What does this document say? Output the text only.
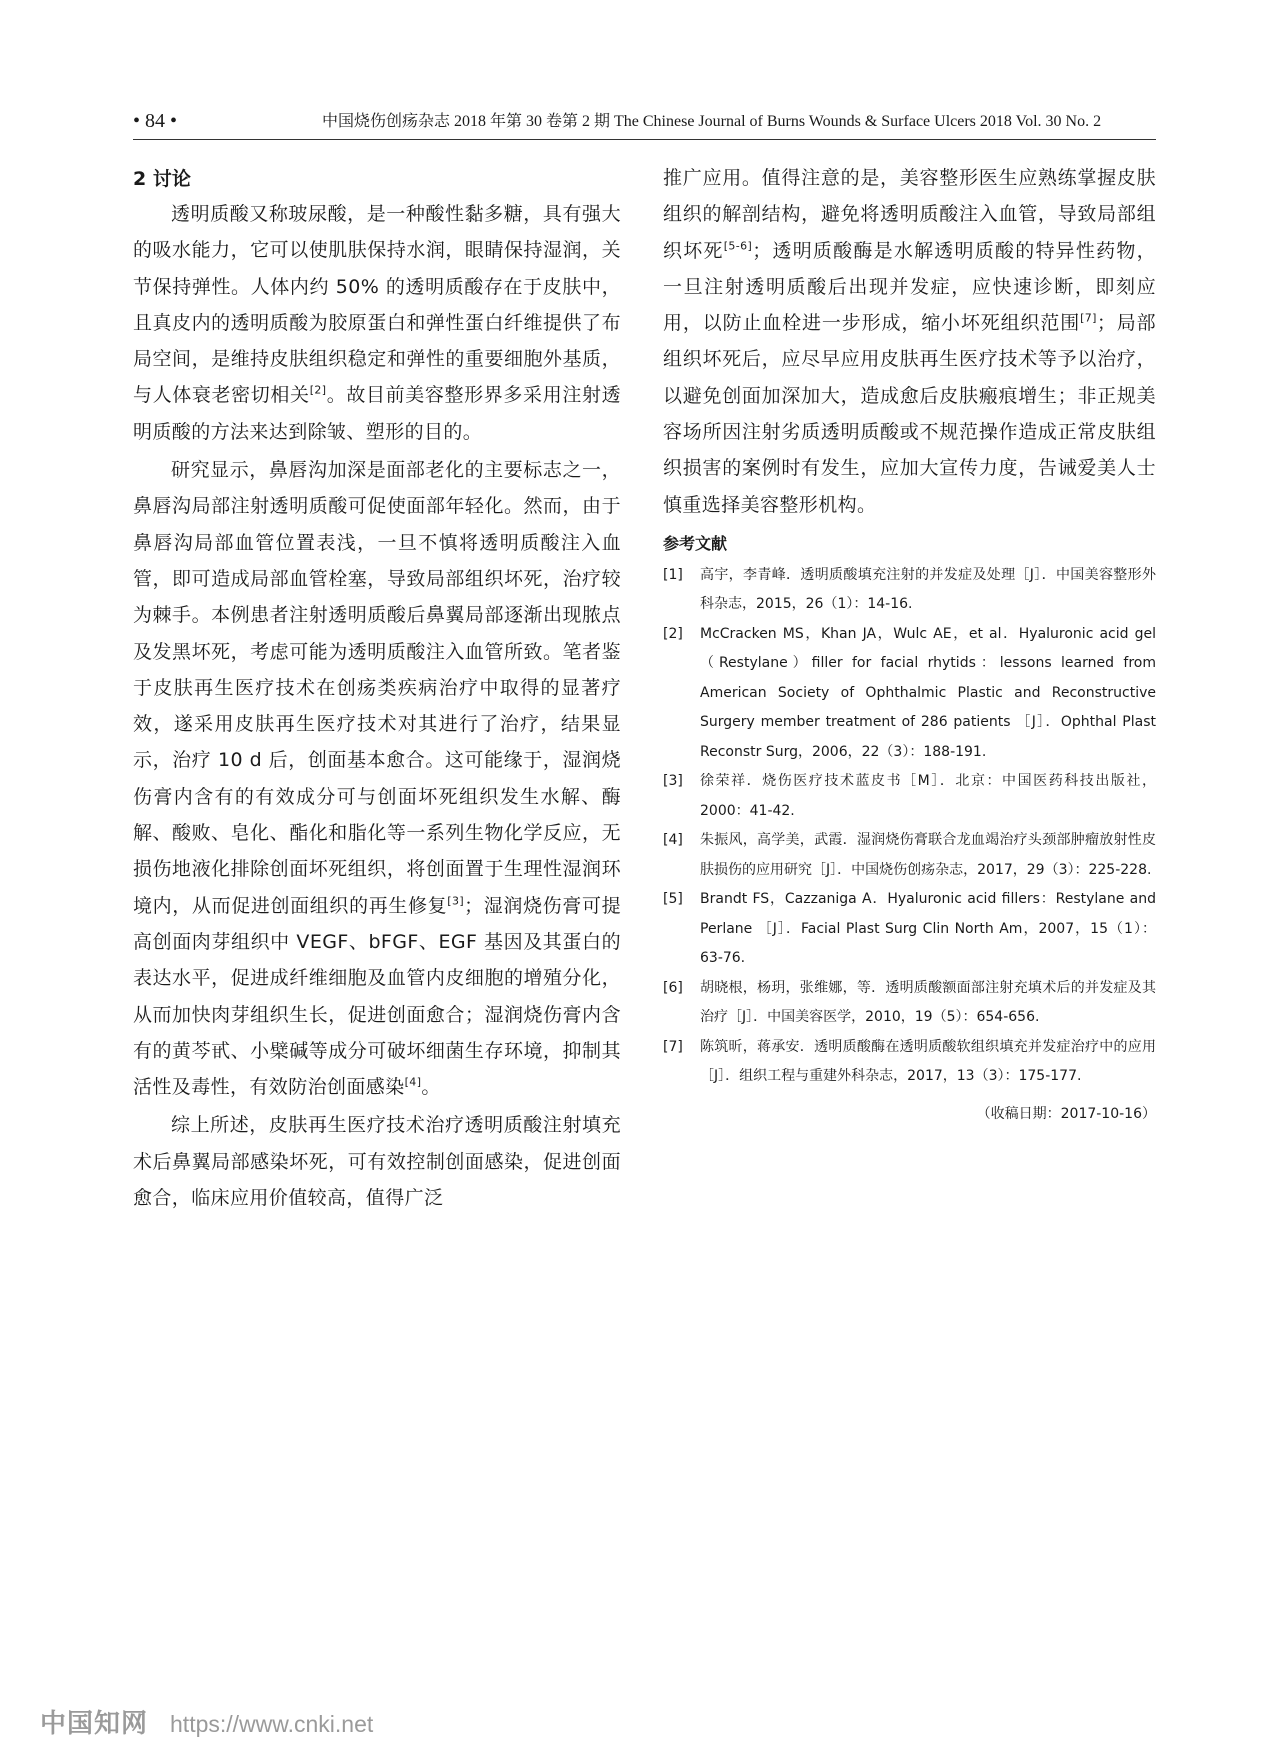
• 84 •	中国烧伤创疡杂志 2018 年第 30 卷第 2 期 The Chinese Journal of Burns Wounds & Surface Ulcers 2018 Vol. 30 No. 2

2 讨论

透明质酸又称玻尿酸，是一种酸性黏多糖，具有强大的吸水能力，它可以使肌肤保持水润，眼睛保持湿润，关节保持弹性。人体内约 50% 的透明质酸存在于皮肤中，且真皮内的透明质酸为胶原蛋白和弹性蛋白纤维提供了布局空间，是维持皮肤组织稳定和弹性的重要细胞外基质，与人体衰老密切相关[2]。故目前美容整形界多采用注射透明质酸的方法来达到除皱、塑形的目的。

研究显示，鼻唇沟加深是面部老化的主要标志之一，鼻唇沟局部注射透明质酸可促使面部年轻化。然而，由于鼻唇沟局部血管位置表浅，一旦不慎将透明质酸注入血管，即可造成局部血管栓塞，导致局部组织坏死，治疗较为棘手。本例患者注射透明质酸后鼻翼局部逐渐出现脓点及发黑坏死，考虑可能为透明质酸注入血管所致。笔者鉴于皮肤再生医疗技术在创疡类疾病治疗中取得的显著疗效，遂采用皮肤再生医疗技术对其进行了治疗，结果显示，治疗 10 d 后，创面基本愈合。这可能缘于，湿润烧伤膏内含有的有效成分可与创面坏死组织发生水解、酶解、酸败、皂化、酯化和脂化等一系列生物化学反应，无损伤地液化排除创面坏死组织，将创面置于生理性湿润环境内，从而促进创面组织的再生修复[3]；湿润烧伤膏可提高创面肉芽组织中 VEGF、bFGF、EGF 基因及其蛋白的表达水平，促进成纤维细胞及血管内皮细胞的增殖分化，从而加快肉芽组织生长，促进创面愈合；湿润烧伤膏内含有的黄芩甙、小檗碱等成分可破坏细菌生存环境，抑制其活性及毒性，有效防治创面感染[4]。

综上所述，皮肤再生医疗技术治疗透明质酸注射填充术后鼻翼局部感染坏死，可有效控制创面感染，促进创面愈合，临床应用价值较高，值得广泛

推广应用。值得注意的是，美容整形医生应熟练掌握皮肤组织的解剖结构，避免将透明质酸注入血管，导致局部组织坏死[5-6]；透明质酸酶是水解透明质酸的特异性药物，一旦注射透明质酸后出现并发症，应快速诊断，即刻应用，以防止血栓进一步形成，缩小坏死组织范围[7]；局部组织坏死后，应尽早应用皮肤再生医疗技术等予以治疗，以避免创面加深加大，造成愈后皮肤瘢痕增生；非正规美容场所因注射劣质透明质酸或不规范操作造成正常皮肤组织损害的案例时有发生，应加大宣传力度，告诫爱美人士慎重选择美容整形机构。

参考文献

[1]	高宇，李青峰．透明质酸填充注射的并发症及处理［J］．中国美容整形外科杂志，2015，26（1）：14-16.

[2]	McCracken MS，Khan JA，Wulc AE，et al．Hyaluronic acid gel（Restylane）filler for facial rhytids：lessons learned from American Society of Ophthalmic Plastic and Reconstructive Surgery member treatment of 286 patients ［J］．Ophthal Plast Reconstr Surg，2006，22（3）：188-191.

[3]	徐荣祥．烧伤医疗技术蓝皮书［M］．北京：中国医药科技出版社，2000：41-42.

[4]	朱振风，高学美，武霞．湿润烧伤膏联合龙血竭治疗头颈部肿瘤放射性皮肤损伤的应用研究［J］．中国烧伤创疡杂志，2017，29（3）：225-228.

[5]	Brandt FS，Cazzaniga A．Hyaluronic acid fillers：Restylane and Perlane ［J］．Facial Plast Surg Clin North Am，2007，15（1）：63-76.

[6]	胡晓根，杨玥，张维娜，等．透明质酸额面部注射充填术后的并发症及其治疗［J］．中国美容医学，2010，19（5）：654-656.

[7]	陈筑昕，蒋承安．透明质酸酶在透明质酸软组织填充并发症治疗中的应用［J］．组织工程与重建外科杂志，2017，13（3）：175-177.

（收稿日期：2017-10-16）
中国知网 https://www.cnki.net
